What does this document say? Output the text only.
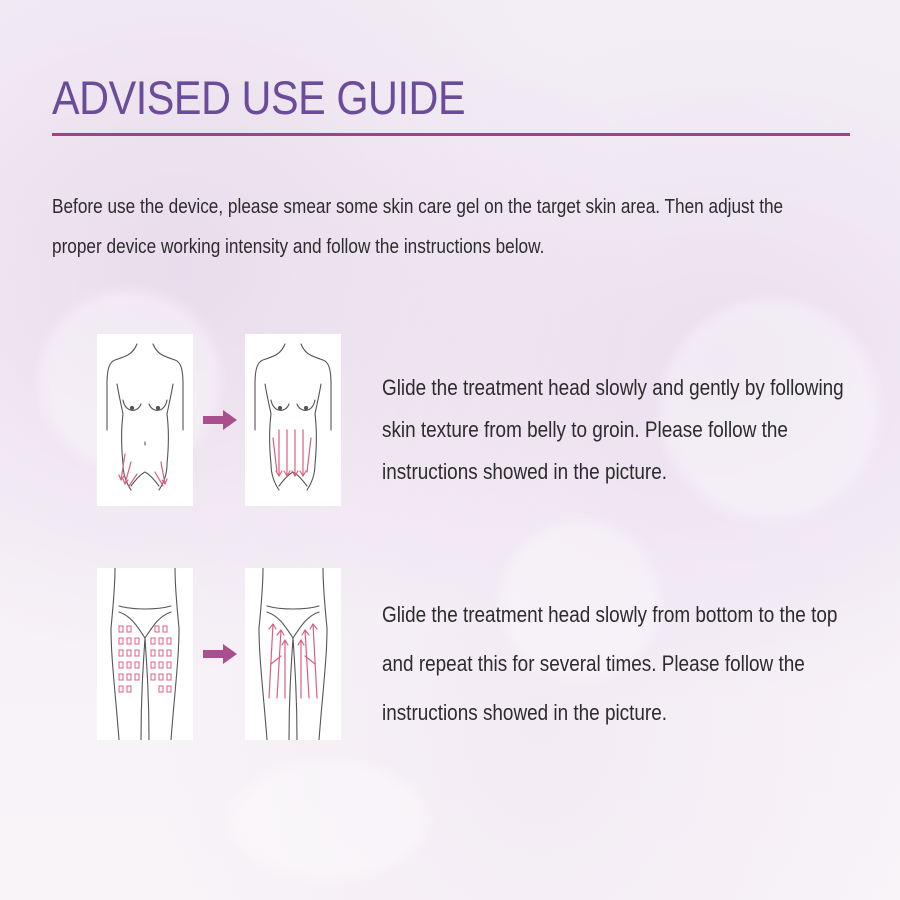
ADVISED USE GUIDE
Before use the device, please smear some skin care gel on the target skin area. Then adjust the
proper device working intensity and follow the instructions below.
Glide the treatment head slowly and gently by following
skin texture from belly to groin. Please follow the
instructions showed in the picture.
Glide the treatment head slowly from bottom to the top
and repeat this for several times. Please follow the
instructions showed in the picture.
